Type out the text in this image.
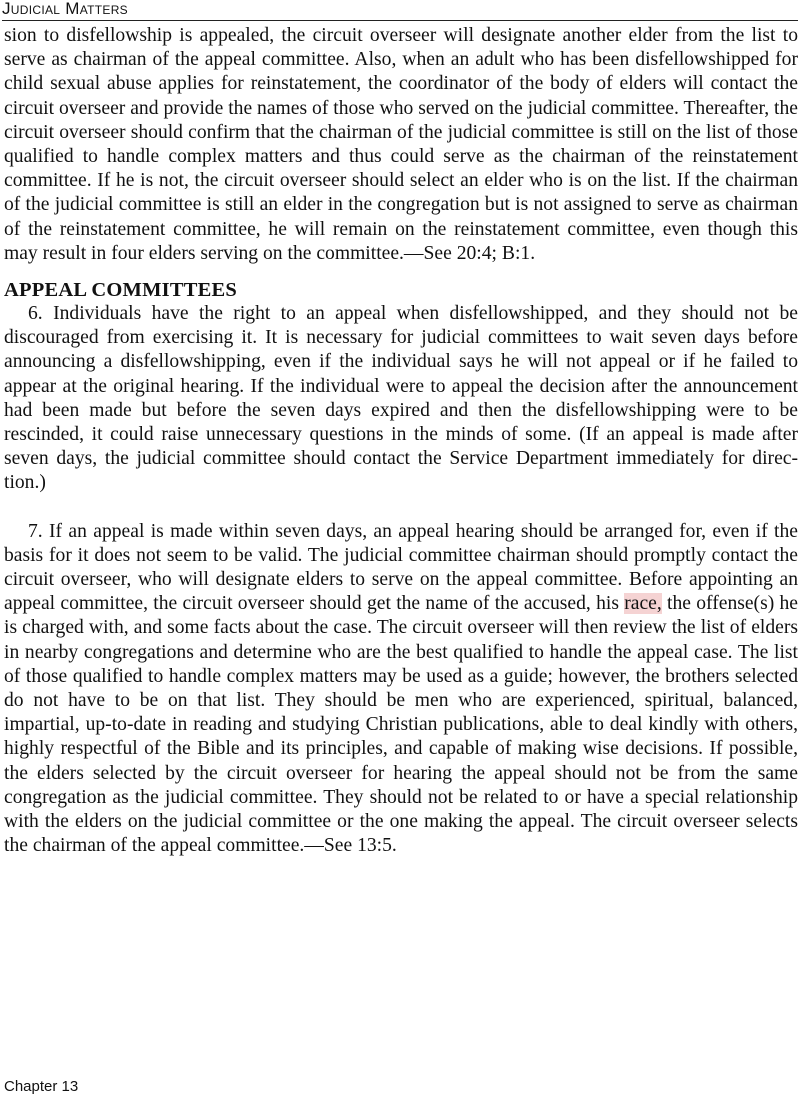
Judicial Matters

sion to disfellowship is appealed, the circuit overseer will designate another elder from the list to serve as chairman of the appeal committee. Also, when an adult who has been disfellowshipped for child sexual abuse applies for reinstatement, the coordinator of the body of elders will contact the circuit overseer and provide the names of those who served on the judicial committee. Thereafter, the circuit overseer should confirm that the chairman of the judicial committee is still on the list of those qualified to handle complex matters and thus could serve as the chairman of the reinstatement committee. If he is not, the circuit overseer should select an elder who is on the list. If the chairman of the judicial committee is still an elder in the congregation but is not assigned to serve as chairman of the reinstatement committee, he will remain on the reinstatement committee, even though this may result in four elders serving on the committee.—See 20:4; B:1.

APPEAL COMMITTEES

6. Individuals have the right to an appeal when disfellowshipped, and they should not be discouraged from exercising it. It is necessary for judicial committees to wait seven days before announcing a disfellowshipping, even if the individual says he will not appeal or if he failed to appear at the original hearing. If the individual were to appeal the decision after the announcement had been made but before the seven days expired and then the disfellowshipping were to be rescinded, it could raise unnecessary questions in the minds of some. (If an appeal is made after seven days, the judicial committee should contact the Service Department immediately for direction.)

7. If an appeal is made within seven days, an appeal hearing should be arranged for, even if the basis for it does not seem to be valid. The judicial committee chairman should promptly contact the circuit overseer, who will designate elders to serve on the appeal committee. Before appointing an appeal committee, the circuit overseer should get the name of the accused, his race, the offense(s) he is charged with, and some facts about the case. The circuit overseer will then review the list of elders in nearby congregations and determine who are the best qualified to handle the appeal case. The list of those qualified to handle complex matters may be used as a guide; however, the brothers selected do not have to be on that list. They should be men who are experienced, spiritual, balanced, impartial, up-to-date in reading and studying Christian publications, able to deal kindly with others, highly respectful of the Bible and its principles, and capable of making wise decisions. If possible, the elders selected by the circuit overseer for hearing the appeal should not be from the same congregation as the judicial committee. They should not be related to or have a special relationship with the elders on the judicial committee or the one making the appeal. The circuit overseer selects the chairman of the appeal committee.—See 13:5.

Chapter 13
